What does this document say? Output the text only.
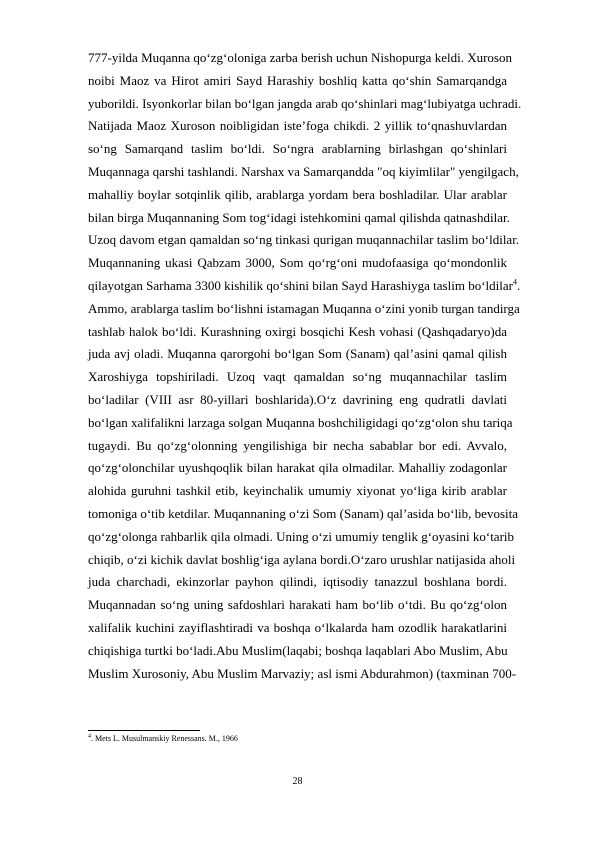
777-yilda Muqanna qo‘zg‘oloniga zarba berish uchun Nishopurga keldi. Xuroson
noibi Maoz va Hirot amiri Sayd Harashiy boshliq katta qo‘shin Samarqandga
yuborildi. Isyonkorlar bilan bo‘lgan jangda arab qo‘shinlari mag‘lubiyatga uchradi.
Natijada Maoz Xuroson noibligidan iste’foga chikdi. 2 yillik to‘qnashuvlardan
so‘ng Samarqand taslim bo‘ldi. So‘ngra arablarning birlashgan qo‘shinlari
Muqannaga qarshi tashlandi. Narshax va Samarqandda "oq kiyimlilar" yengilgach,
mahalliy boylar sotqinlik qilib, arablarga yordam bera boshladilar. Ular arablar
bilan birga Muqannaning Som tog‘idagi istehkomini qamal qilishda qatnashdilar.
Uzoq davom etgan qamaldan so‘ng tinkasi qurigan muqannachilar taslim bo‘ldilar.
Muqannaning ukasi Qabzam 3000, Som qo‘rg‘oni mudofaasiga qo‘mondonlik
qilayotgan Sarhama 3300 kishilik qo‘shini bilan Sayd Harashiyga taslim bo‘ldilar$^4$.
Ammo, arablarga taslim bo‘lishni istamagan Muqanna o‘zini yonib turgan tandirga
tashlab halok bo‘ldi. Kurashning oxirgi bosqichi Kesh vohasi (Qashqadaryo)da
juda avj oladi. Muqanna qarorgohi bo‘lgan Som (Sanam) qal’asini qamal qilish
Xaroshiyga topshiriladi. Uzoq vaqt qamaldan so‘ng muqannachilar taslim
bo‘ladilar (VIII asr 80-yillari boshlarida).O‘z davrining eng qudratli davlati
bo‘lgan xalifalikni larzaga solgan Muqanna boshchiligidagi qo‘zg‘olon shu tariqa
tugaydi. Bu qo‘zg‘olonning yengilishiga bir necha sabablar bor edi. Avvalo,
qo‘zg‘olonchilar uyushqoqlik bilan harakat qila olmadilar. Mahalliy zodagonlar
alohida guruhni tashkil etib, keyinchalik umumiy xiyonat yo‘liga kirib arablar
tomoniga o‘tib ketdilar. Muqannaning o‘zi Som (Sanam) qal’asida bo‘lib, bevosita
qo‘zg‘olonga rahbarlik qila olmadi. Uning o‘zi umumiy tenglik g‘oyasini ko‘tarib
chiqib, o‘zi kichik davlat boshlig‘iga aylana bordi.O‘zaro urushlar natijasida aholi
juda charchadi, ekinzorlar payhon qilindi, iqtisodiy tanazzul boshlana bordi.
Muqannadan so‘ng uning safdoshlari harakati ham bo‘lib o‘tdi. Bu qo‘zg‘olon
xalifalik kuchini zayiflashtiradi va boshqa o‘lkalarda ham ozodlik harakatlarini
chiqishiga turtki bo‘ladi.Abu Muslim(laqabi; boshqa laqablari Abo Muslim, Abu
Muslim Xurosoniy, Abu Muslim Marvaziy; asl ismi Abdurahmon) (taxminan 700-
$^4$. Mets L. Musulmanskiy Renessans. M., 1966
28
